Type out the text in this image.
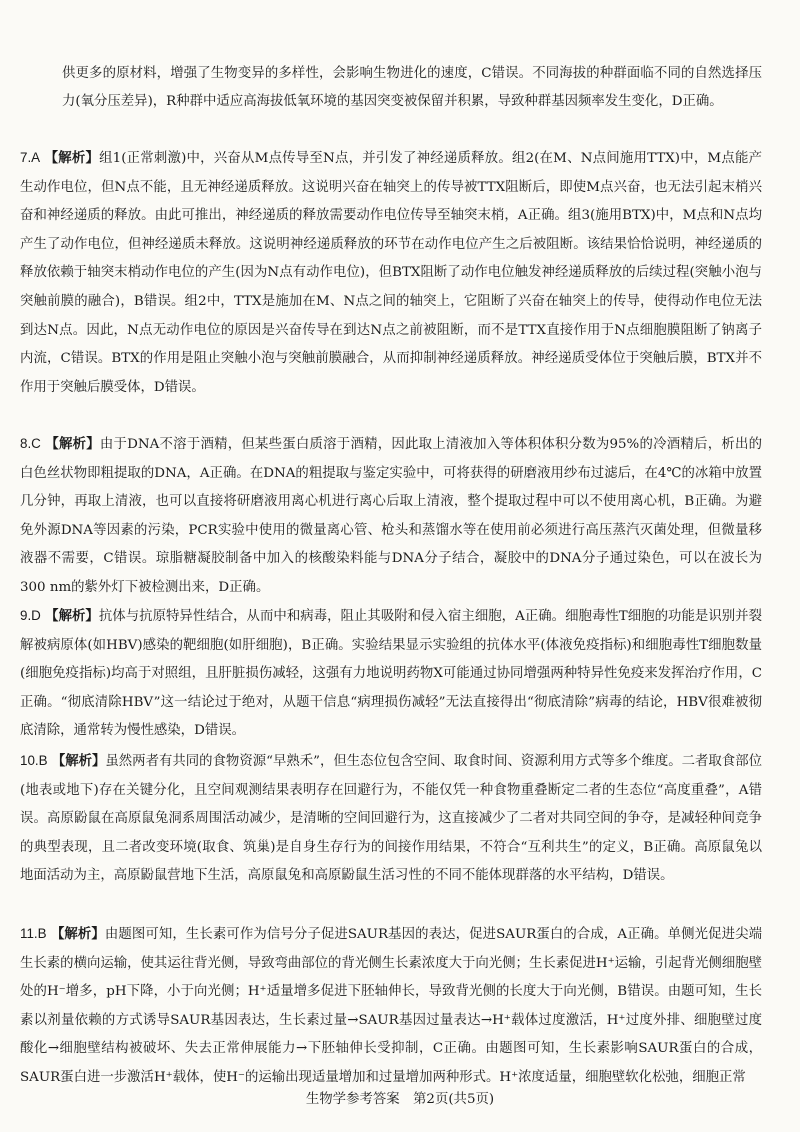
供更多的原材料，增强了生物变异的多样性，会影响生物进化的速度，C错误。不同海拔的种群面临不同的自然选择压力(氧分压差异)，R种群中适应高海拔低氧环境的基因突变被保留并积累，导致种群基因频率发生变化，D正确。
7.A 【解析】组1(正常刺激)中，兴奋从M点传导至N点，并引发了神经递质释放。组2(在M、N点间施用TTX)中，M点能产生动作电位，但N点不能，且无神经递质释放。这说明兴奋在轴突上的传导被TTX阻断后，即使M点兴奋，也无法引起末梢兴奋和神经递质的释放。由此可推出，神经递质的释放需要动作电位传导至轴突末梢，A正确。组3(施用BTX)中，M点和N点均产生了动作电位，但神经递质未释放。这说明神经递质释放的环节在动作电位产生之后被阻断。该结果恰恰说明，神经递质的释放依赖于轴突末梢动作电位的产生(因为N点有动作电位)，但BTX阻断了动作电位触发神经递质释放的后续过程(突触小泡与突触前膜的融合)，B错误。组2中，TTX是施加在M、N点之间的轴突上，它阻断了兴奋在轴突上的传导，使得动作电位无法到达N点。因此，N点无动作电位的原因是兴奋传导在到达N点之前被阻断，而不是TTX直接作用于N点细胞膜阻断了钠离子内流，C错误。BTX的作用是阻止突触小泡与突触前膜融合，从而抑制神经递质释放。神经递质受体位于突触后膜，BTX并不作用于突触后膜受体，D错误。
8.C 【解析】由于DNA不溶于酒精，但某些蛋白质溶于酒精，因此取上清液加入等体积体积分数为95%的冷酒精后，析出的白色丝状物即粗提取的DNA，A正确。在DNA的粗提取与鉴定实验中，可将获得的研磨液用纱布过滤后，在4℃的冰箱中放置几分钟，再取上清液，也可以直接将研磨液用离心机进行离心后取上清液，整个提取过程中可以不使用离心机，B正确。为避免外源DNA等因素的污染，PCR实验中使用的微量离心管、枪头和蒸馏水等在使用前必须进行高压蒸汽灭菌处理，但微量移液器不需要，C错误。琼脂糖凝胶制备中加入的核酸染料能与DNA分子结合，凝胶中的DNA分子通过染色，可以在波长为300 nm的紫外灯下被检测出来，D正确。
9.D 【解析】抗体与抗原特异性结合，从而中和病毒，阻止其吸附和侵入宿主细胞，A正确。细胞毒性T细胞的功能是识别并裂解被病原体(如HBV)感染的靶细胞(如肝细胞)，B正确。实验结果显示实验组的抗体水平(体液免疫指标)和细胞毒性T细胞数量(细胞免疫指标)均高于对照组，且肝脏损伤减轻，这强有力地说明药物X可能通过协同增强两种特异性免疫来发挥治疗作用，C正确。“彻底清除HBV”这一结论过于绝对，从题干信息“病理损伤减轻”无法直接得出“彻底清除”病毒的结论，HBV很难被彻底清除，通常转为慢性感染，D错误。
10.B 【解析】虽然两者有共同的食物资源“早熟禾”，但生态位包含空间、取食时间、资源利用方式等多个维度。二者取食部位(地表或地下)存在关键分化，且空间观测结果表明存在回避行为，不能仅凭一种食物重叠断定二者的生态位“高度重叠”，A错误。高原鼢鼠在高原鼠兔洞系周围活动减少，是清晰的空间回避行为，这直接减少了二者对共同空间的争夺，是减轻种间竞争的典型表现，且二者改变环境(取食、筑巢)是自身生存行为的间接作用结果，不符合“互利共生”的定义，B正确。高原鼠兔以地面活动为主，高原鼢鼠营地下生活，高原鼠兔和高原鼢鼠生活习性的不同不能体现群落的水平结构，D错误。
11.B 【解析】由题图可知，生长素可作为信号分子促进SAUR基因的表达，促进SAUR蛋白的合成，A正确。单侧光促进尖端生长素的横向运输，使其运往背光侧，导致弯曲部位的背光侧生长素浓度大于向光侧；生长素促进H⁺运输，引起背光侧细胞壁处的H⁻增多，pH下降，小于向光侧；H⁺适量增多促进下胚轴伸长，导致背光侧的长度大于向光侧，B错误。由题可知，生长素以剂量依赖的方式诱导SAUR基因表达，生长素过量→SAUR基因过量表达→H⁺载体过度激活，H⁺过度外排、细胞壁过度酸化→细胞壁结构被破坏、失去正常伸展能力→下胚轴伸长受抑制，C正确。由题图可知，生长素影响SAUR蛋白的合成，SAUR蛋白进一步激活H⁺载体，使H⁻的运输出现适量增加和过量增加两种形式。H⁺浓度适量，细胞壁软化松弛，细胞正常
生物学参考答案　第2页(共5页)
